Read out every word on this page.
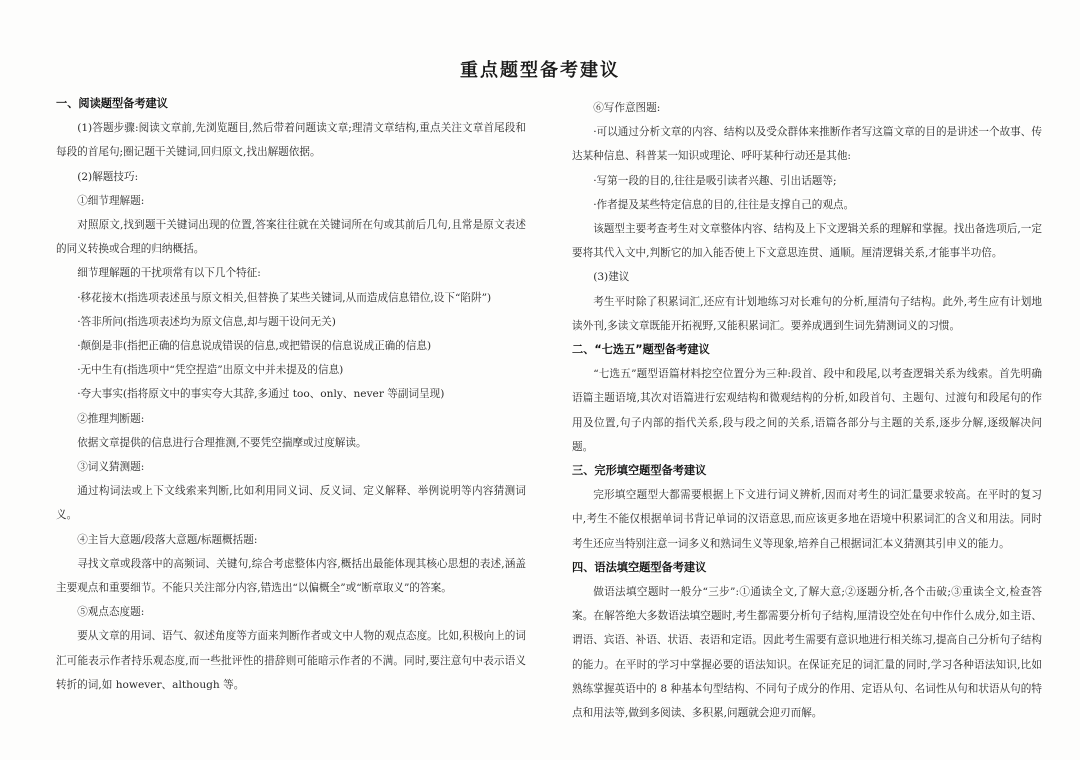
重点题型备考建议

一、阅读题型备考建议

(1)答题步骤:阅读文章前,先浏览题目,然后带着问题读文章;理清文章结构,重点关注文章首尾段和每段的首尾句;圈记题干关键词,回归原文,找出解题依据。

(2)解题技巧:

①细节理解题:

对照原文,找到题干关键词出现的位置,答案往往就在关键词所在句或其前后几句,且常是原文表述的同义转换或合理的归纳概括。

细节理解题的干扰项常有以下几个特征:

·移花接木(指选项表述虽与原文相关,但替换了某些关键词,从而造成信息错位,设下“陷阱”)

·答非所问(指选项表述均为原文信息,却与题干设问无关)

·颠倒是非(指把正确的信息说成错误的信息,或把错误的信息说成正确的信息)

·无中生有(指选项中“凭空捏造”出原文中并未提及的信息)

·夸大事实(指将原文中的事实夸大其辞,多通过 too、only、never 等副词呈现)

②推理判断题:

依据文章提供的信息进行合理推测,不要凭空揣摩或过度解读。

③词义猜测题:

通过构词法或上下文线索来判断,比如利用同义词、反义词、定义解释、举例说明等内容猜测词义。

④主旨大意题/段落大意题/标题概括题:

寻找文章或段落中的高频词、关键句,综合考虑整体内容,概括出最能体现其核心思想的表述,涵盖主要观点和重要细节。不能只关注部分内容,错选出“以偏概全”或“断章取义”的答案。

⑤观点态度题:

要从文章的用词、语气、叙述角度等方面来判断作者或文中人物的观点态度。比如,积极向上的词汇可能表示作者持乐观态度,而一些批评性的措辞则可能暗示作者的不满。同时,要注意句中表示语义转折的词,如 however、although 等。

⑥写作意图题:

·可以通过分析文章的内容、结构以及受众群体来推断作者写这篇文章的目的是讲述一个故事、传达某种信息、科普某一知识或理论、呼吁某种行动还是其他:

·写第一段的目的,往往是吸引读者兴趣、引出话题等;

·作者提及某些特定信息的目的,往往是支撑自己的观点。

该题型主要考查考生对文章整体内容、结构及上下文逻辑关系的理解和掌握。找出备选项后,一定要将其代入文中,判断它的加入能否使上下文意思连贯、通顺。厘清逻辑关系,才能事半功倍。

(3)建议

考生平时除了积累词汇,还应有计划地练习对长难句的分析,厘清句子结构。此外,考生应有计划地读外刊,多读文章既能开拓视野,又能积累词汇。要养成遇到生词先猜测词义的习惯。

二、“七选五”题型备考建议

“七选五”题型语篇材料挖空位置分为三种:段首、段中和段尾,以考查逻辑关系为线索。首先明确语篇主题语境,其次对语篇进行宏观结构和微观结构的分析,如段首句、主题句、过渡句和段尾句的作用及位置,句子内部的指代关系,段与段之间的关系,语篇各部分与主题的关系,逐步分解,逐级解决问题。

三、完形填空题型备考建议

完形填空题型大都需要根据上下文进行词义辨析,因而对考生的词汇量要求较高。在平时的复习中,考生不能仅根据单词书背记单词的汉语意思,而应该更多地在语境中积累词汇的含义和用法。同时考生还应当特别注意一词多义和熟词生义等现象,培养自己根据词汇本义猜测其引申义的能力。

四、语法填空题型备考建议

做语法填空题时一般分“三步”:①通读全文,了解大意;②逐题分析,各个击破;③重读全文,检查答案。在解答绝大多数语法填空题时,考生都需要分析句子结构,厘清设空处在句中作什么成分,如主语、谓语、宾语、补语、状语、表语和定语。因此考生需要有意识地进行相关练习,提高自己分析句子结构的能力。在平时的学习中掌握必要的语法知识。在保证充足的词汇量的同时,学习各种语法知识,比如熟练掌握英语中的 8 种基本句型结构、不同句子成分的作用、定语从句、名词性从句和状语从句的特点和用法等,做到多阅读、多积累,问题就会迎刃而解。
